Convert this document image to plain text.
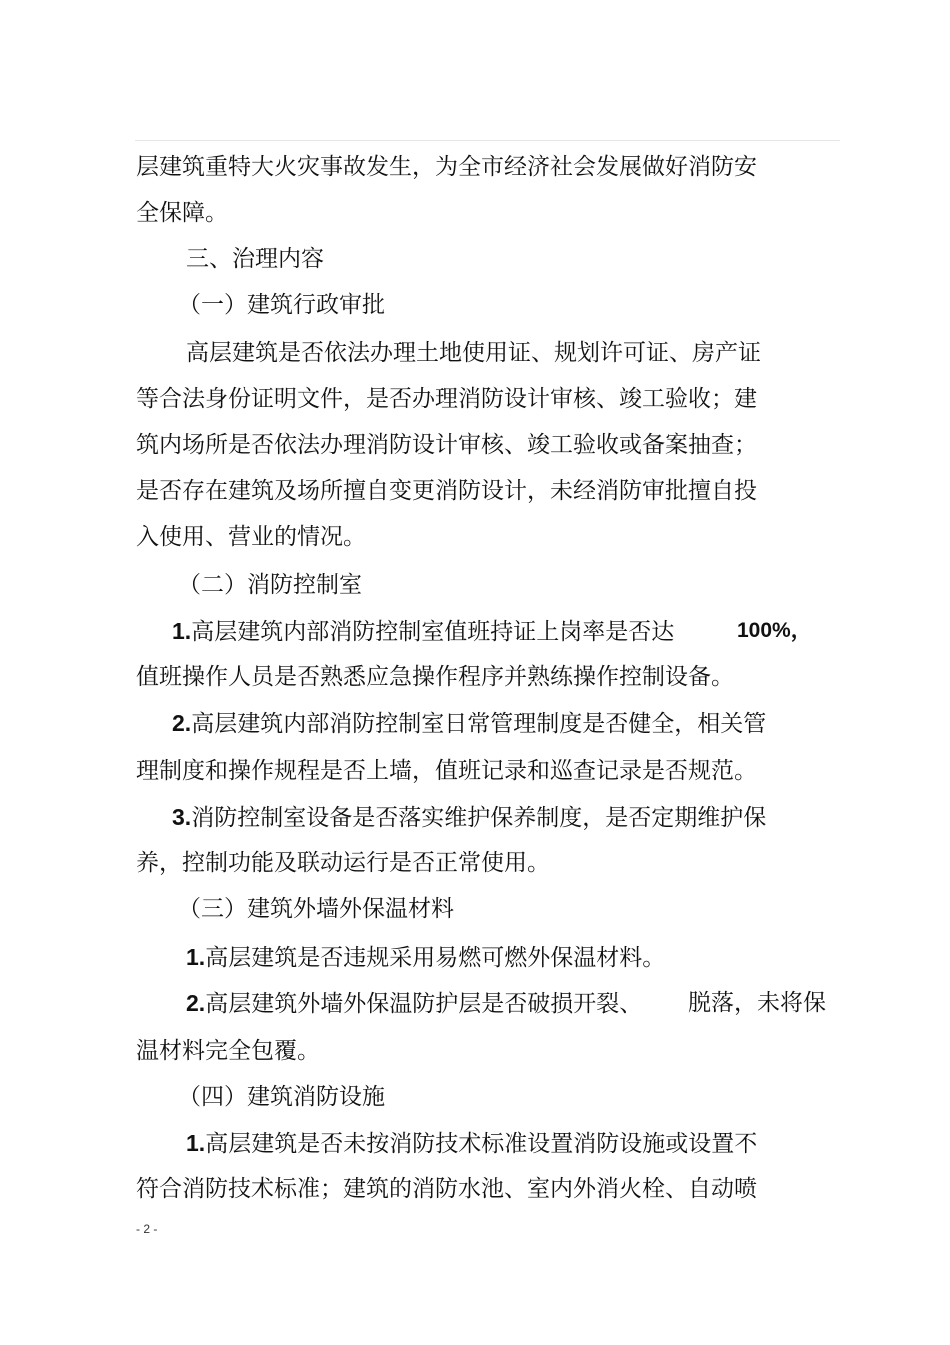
层建筑重特大火灾事故发生，为全市经济社会发展做好消防安
全保障。
三、治理内容
（一）建筑行政审批
高层建筑是否依法办理土地使用证、规划许可证、房产证
等合法身份证明文件，是否办理消防设计审核、竣工验收；建
筑内场所是否依法办理消防设计审核、竣工验收或备案抽查；
是否存在建筑及场所擅自变更消防设计，未经消防审批擅自投
入使用、营业的情况。
（二）消防控制室
1.高层建筑内部消防控制室值班持证上岗率是否达	100%，
值班操作人员是否熟悉应急操作程序并熟练操作控制设备。
2.高层建筑内部消防控制室日常管理制度是否健全，相关管
理制度和操作规程是否上墙，值班记录和巡查记录是否规范。
3.消防控制室设备是否落实维护保养制度，是否定期维护保
养，控制功能及联动运行是否正常使用。
（三）建筑外墙外保温材料
1.高层建筑是否违规采用易燃可燃外保温材料。
2.高层建筑外墙外保温防护层是否破损开裂、 脱落，未将保
温材料完全包覆。
（四）建筑消防设施
1.高层建筑是否未按消防技术标准设置消防设施或设置不
符合消防技术标准；建筑的消防水池、室内外消火栓、自动喷
- 2 -
